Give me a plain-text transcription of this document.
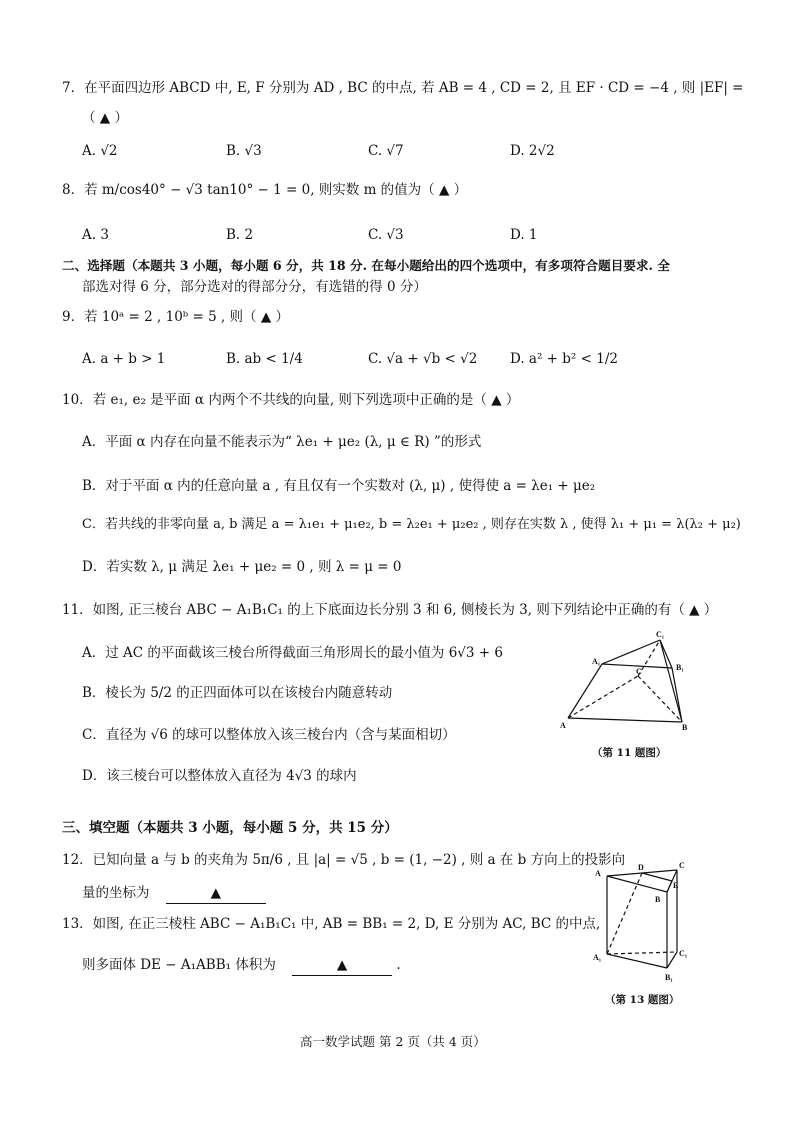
7．在平面四边形 ABCD 中, E, F 分别为 AD , BC 的中点, 若 AB = 4 , CD = 2, 且 EF · CD = −4 , 则 |EF| =
（ ▲ ）
A. √2	B. √3	C. √7	D. 2√2
8．若 m/cos40° − √3 tan10° − 1 = 0, 则实数 m 的值为（ ▲ ）
A. 3	B. 2	C. √3	D. 1
二、选择题（本题共 3 小题，每小题 6 分，共 18 分. 在每小题给出的四个选项中，有多项符合题目要求. 全
部选对得 6 分，部分选对的得部分分，有选错的得 0 分）
9．若 10ᵃ = 2 , 10ᵇ = 5 , 则（ ▲ ）
A. a + b > 1	B. ab < 1/4	C. √a + √b < √2 D. a² + b² < 1/2
10．若 e₁, e₂ 是平面 α 内两个不共线的向量, 则下列选项中正确的是（ ▲ ）
A．平面 α 内存在向量不能表示为“ λe₁ + μe₂ (λ, μ ∈ R) ”的形式
B．对于平面 α 内的任意向量 a , 有且仅有一个实数对 (λ, μ) , 使得使 a = λe₁ + μe₂
C．若共线的非零向量 a, b 满足 a = λ₁e₁ + μ₁e₂, b = λ₂e₁ + μ₂e₂ , 则存在实数 λ , 使得 λ₁ + μ₁ = λ(λ₂ + μ₂)
D．若实数 λ, μ 满足 λe₁ + μe₂ = 0 , 则 λ = μ = 0
11．如图, 正三棱台 ABC − A₁B₁C₁ 的上下底面边长分别 3 和 6, 侧棱长为 3, 则下列结论中正确的有（ ▲ ）
A．过 AC 的平面截该三棱台所得截面三角形周长的最小值为 6√3 + 6
B．棱长为 5/2 的正四面体可以在该棱台内随意转动
C．直径为 √6 的球可以整体放入该三棱台内（含与某面相切）
D．该三棱台可以整体放入直径为 4√3 的球内
C₁
A₁
B₁
C
A	B
（第 11 题图）
三、填空题（本题共 3 小题，每小题 5 分，共 15 分）
12．已知向量 a 与 b 的夹角为 5π/6 , 且 |a| = √5 , b = (1, −2) , 则 a 在 b 方向上的投影向
量的坐标为	▲
13．如图, 在正三棱柱 ABC − A₁B₁C₁ 中, AB = BB₁ = 2, D, E 分别为 AC, BC 的中点,
则多面体 DE − A₁ABB₁ 体积为	▲	.
D	C
A
E
B
A₁	C₁
B₁
（第 13 题图）
高一数学试题 第 2 页（共 4 页）
